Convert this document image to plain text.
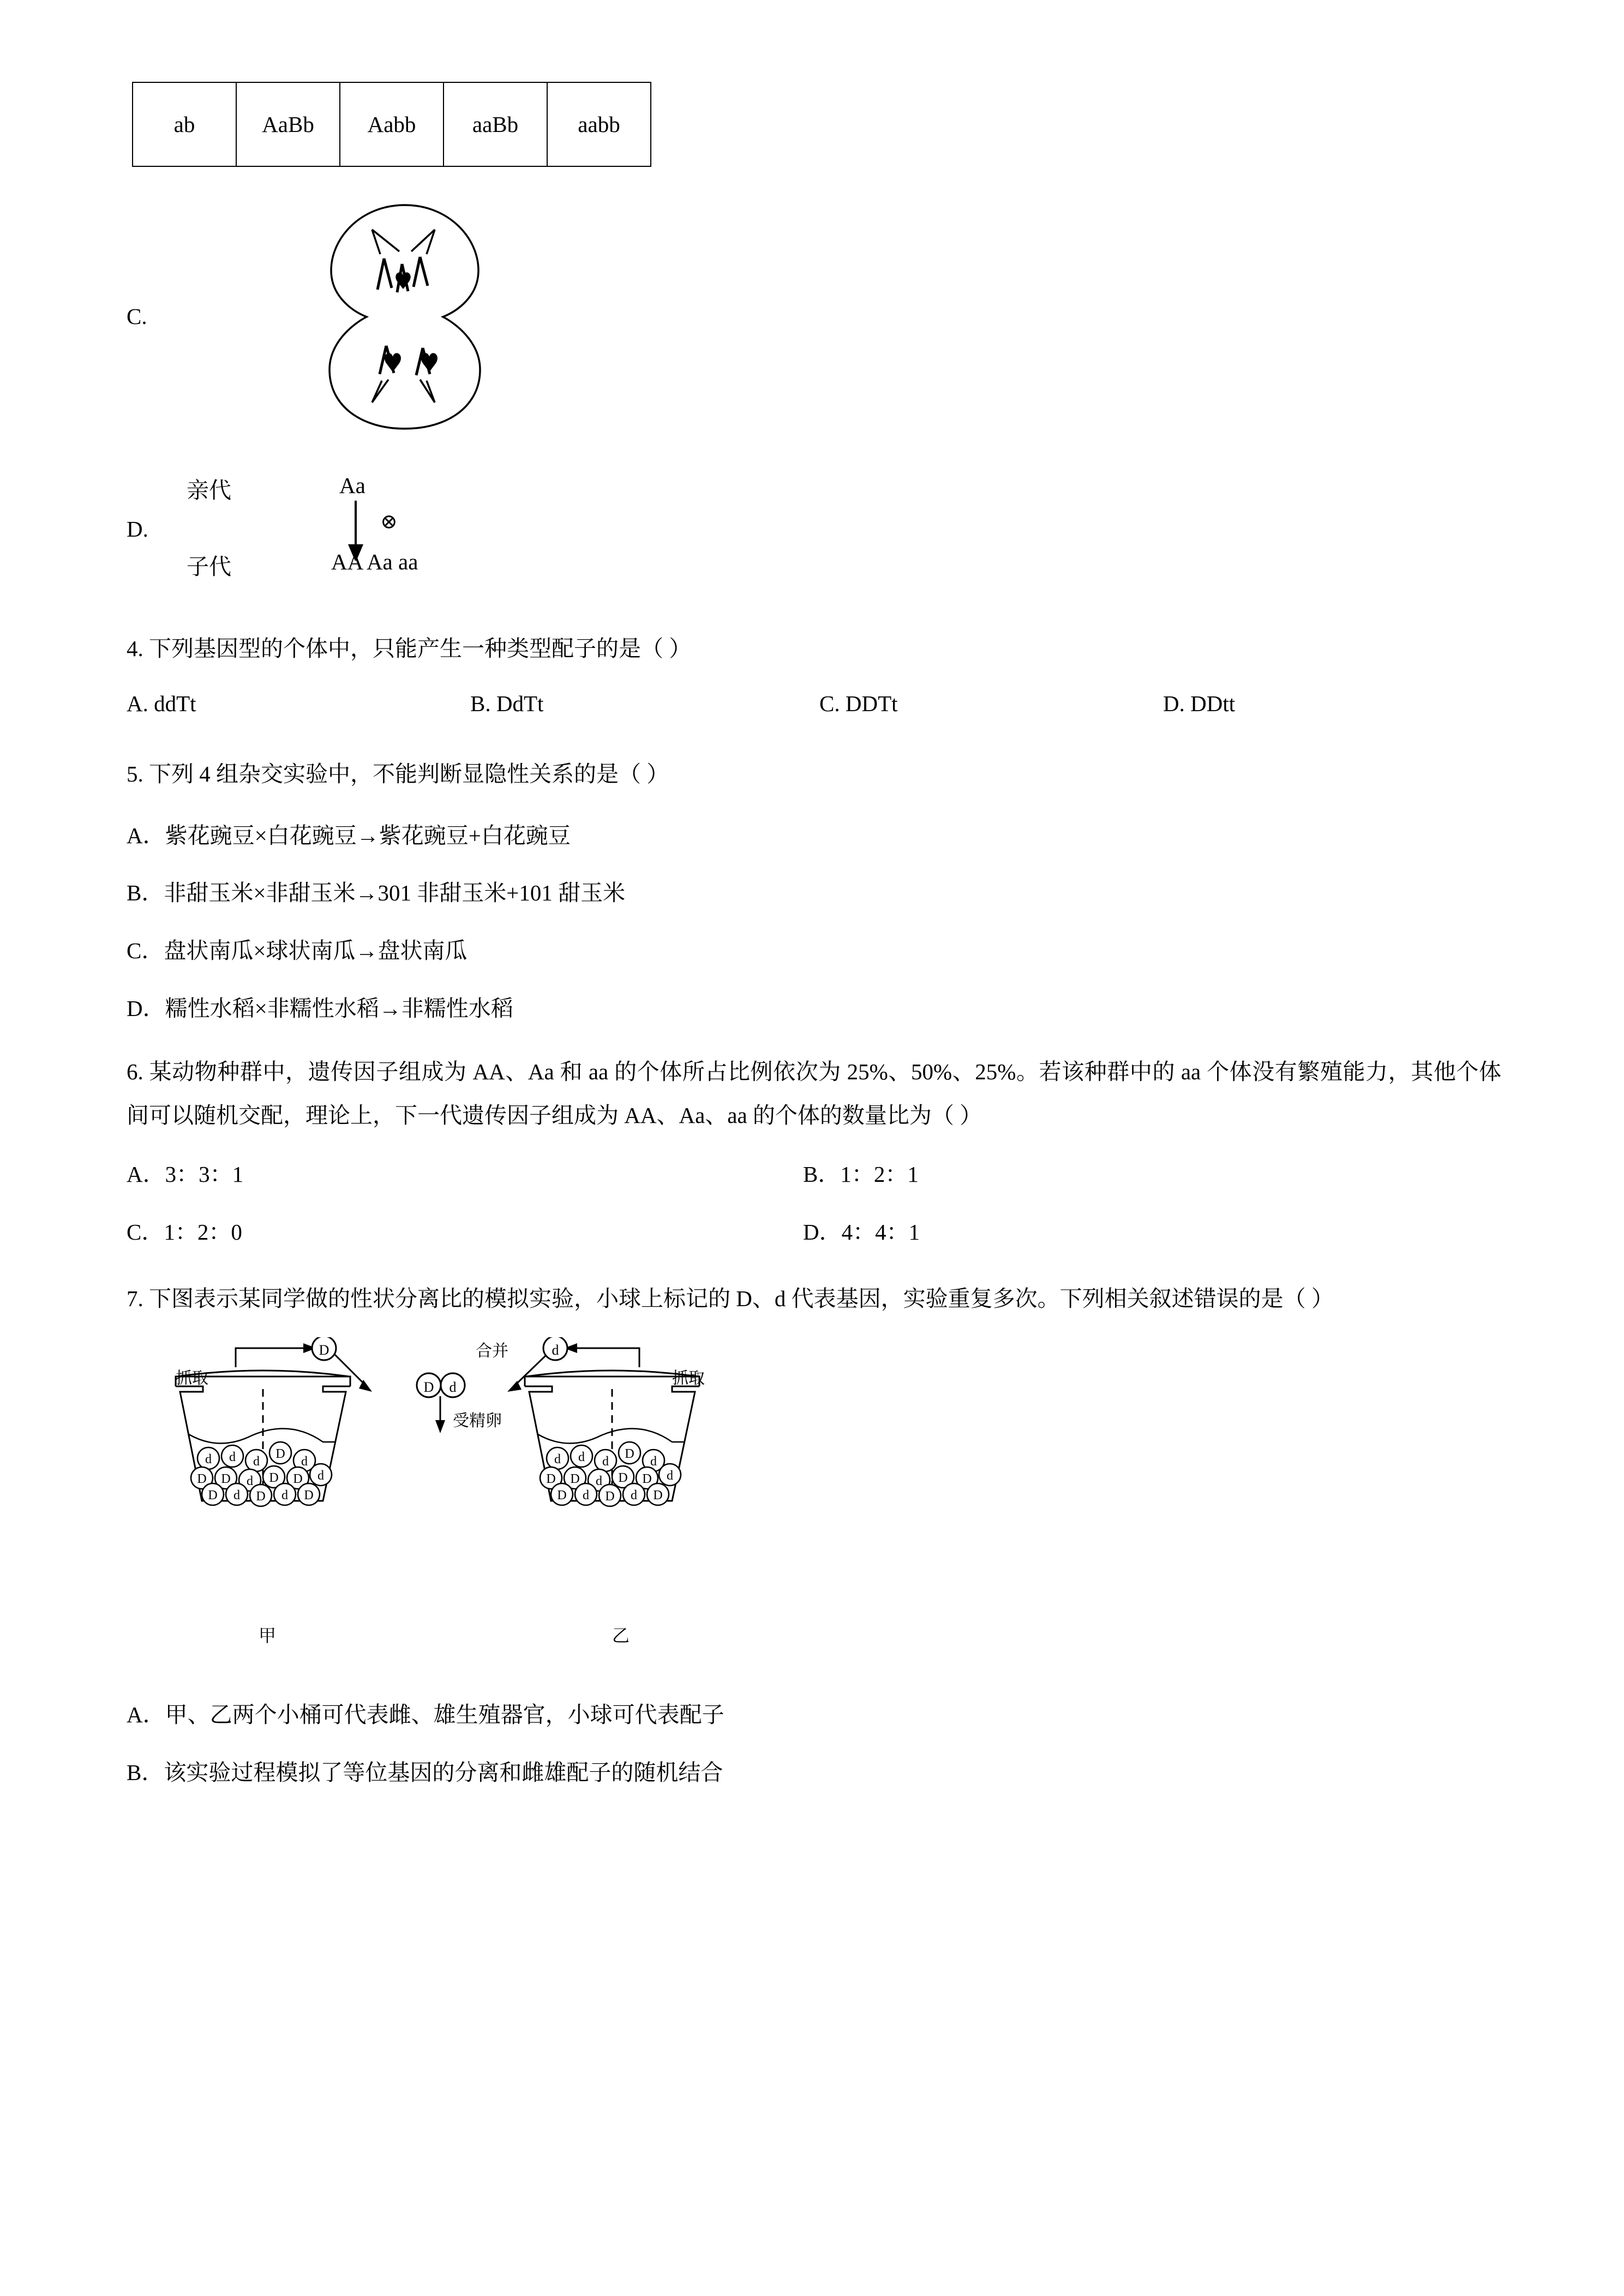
ab	AaBb	Aabb	aaBb	aabb
C.
D.
亲代	Aa
⊗
子代	AA Aa aa
4. 下列基因型的个体中，只能产生一种类型配子的是（ ）
A. ddTt	B. DdTt	C. DDTt	D. DDtt
5. 下列 4 组杂交实验中，不能判断显隐性关系的是（ ）
A．紫花豌豆×白花豌豆→紫花豌豆+白花豌豆
B．非甜玉米×非甜玉米→301 非甜玉米+101 甜玉米
C．盘状南瓜×球状南瓜→盘状南瓜
D．糯性水稻×非糯性水稻→非糯性水稻
6. 某动物种群中，遗传因子组成为 AA、Aa 和 aa 的个体所占比例依次为 25%、50%、25%。若该种群中的 aa 个体没有繁殖能力，其他个体间可以随机交配，理论上，下一代遗传因子组成为 AA、Aa、aa 的个体的数量比为（ ）
A．3：3：1	B．1：2：1
C．1：2：0	D．4：4：1
7. 下图表示某同学做的性状分离比的模拟实验，小球上标记的 D、d 代表基因，实验重复多次。下列相关叙述错误的是（ ）
D	d
D d
d d d
D
d
D D d D D d
D d D d D
d d d
D
d
D D d D D d
D d D d D
抓取	抓取
合并
受精卵
甲	乙
A．甲、乙两个小桶可代表雌、雄生殖器官，小球可代表配子
B．该实验过程模拟了等位基因的分离和雌雄配子的随机结合
